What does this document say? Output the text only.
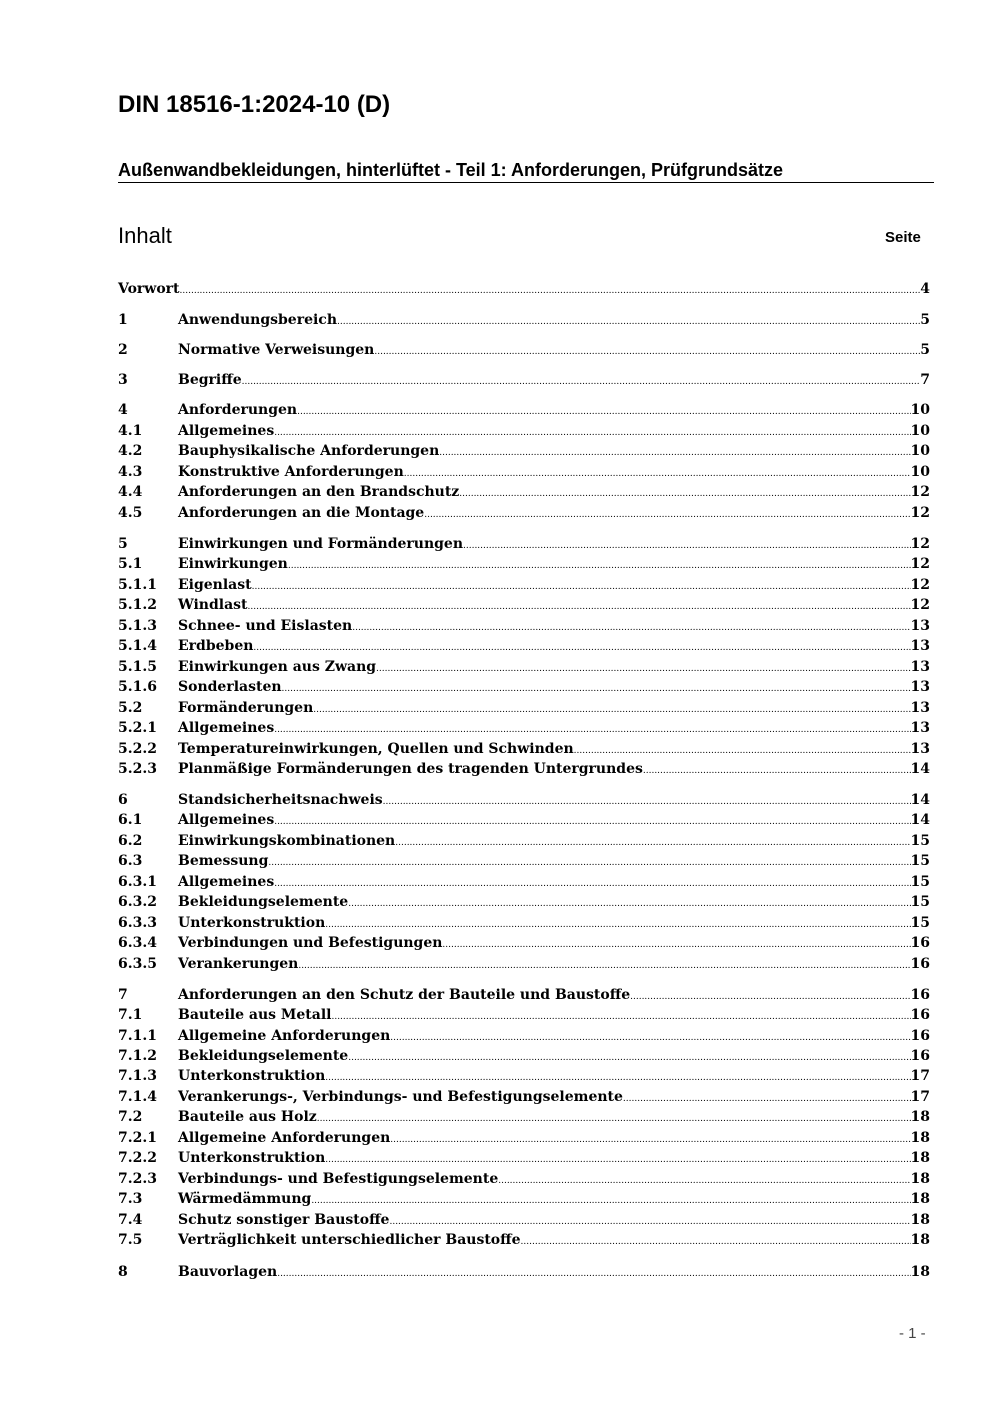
DIN 18516-1:2024-10 (D)
Außenwandbekleidungen, hinterlüftet - Teil 1: Anforderungen, Prüfgrundsätze
Inhalt	Seite
Vorwort .....	4
1	Anwendungsbereich .....	5
2	Normative Verweisungen .....	5
3	Begriffe .....	7
4	Anforderungen .....	10
4.1	Allgemeines .....	10
4.2	Bauphysikalische Anforderungen .....	10
4.3	Konstruktive Anforderungen .....	10
4.4	Anforderungen an den Brandschutz .....	12
4.5	Anforderungen an die Montage .....	12
5	Einwirkungen und Formänderungen .....	12
5.1	Einwirkungen .....	12
5.1.1	Eigenlast .....	12
5.1.2	Windlast .....	12
5.1.3	Schnee- und Eislasten .....	13
5.1.4	Erdbeben .....	13
5.1.5	Einwirkungen aus Zwang .....	13
5.1.6	Sonderlasten .....	13
5.2	Formänderungen .....	13
5.2.1	Allgemeines .....	13
5.2.2	Temperatureinwirkungen, Quellen und Schwinden .....	13
5.2.3	Planmäßige Formänderungen des tragenden Untergrundes .....	14
6	Standsicherheitsnachweis .....	14
6.1	Allgemeines .....	14
6.2	Einwirkungskombinationen .....	15
6.3	Bemessung .....	15
6.3.1	Allgemeines .....	15
6.3.2	Bekleidungselemente .....	15
6.3.3	Unterkonstruktion .....	15
6.3.4	Verbindungen und Befestigungen .....	16
6.3.5	Verankerungen .....	16
7	Anforderungen an den Schutz der Bauteile und Baustoffe .....	16
7.1	Bauteile aus Metall .....	16
7.1.1	Allgemeine Anforderungen .....	16
7.1.2	Bekleidungselemente .....	16
7.1.3	Unterkonstruktion .....	17
7.1.4	Verankerungs-, Verbindungs- und Befestigungselemente .....	17
7.2	Bauteile aus Holz .....	18
7.2.1	Allgemeine Anforderungen .....	18
7.2.2	Unterkonstruktion .....	18
7.2.3	Verbindungs- und Befestigungselemente .....	18
7.3	Wärmedämmung .....	18
7.4	Schutz sonstiger Baustoffe .....	18
7.5	Verträglichkeit unterschiedlicher Baustoffe .....	18
8	Bauvorlagen .....	18
- 1 -
